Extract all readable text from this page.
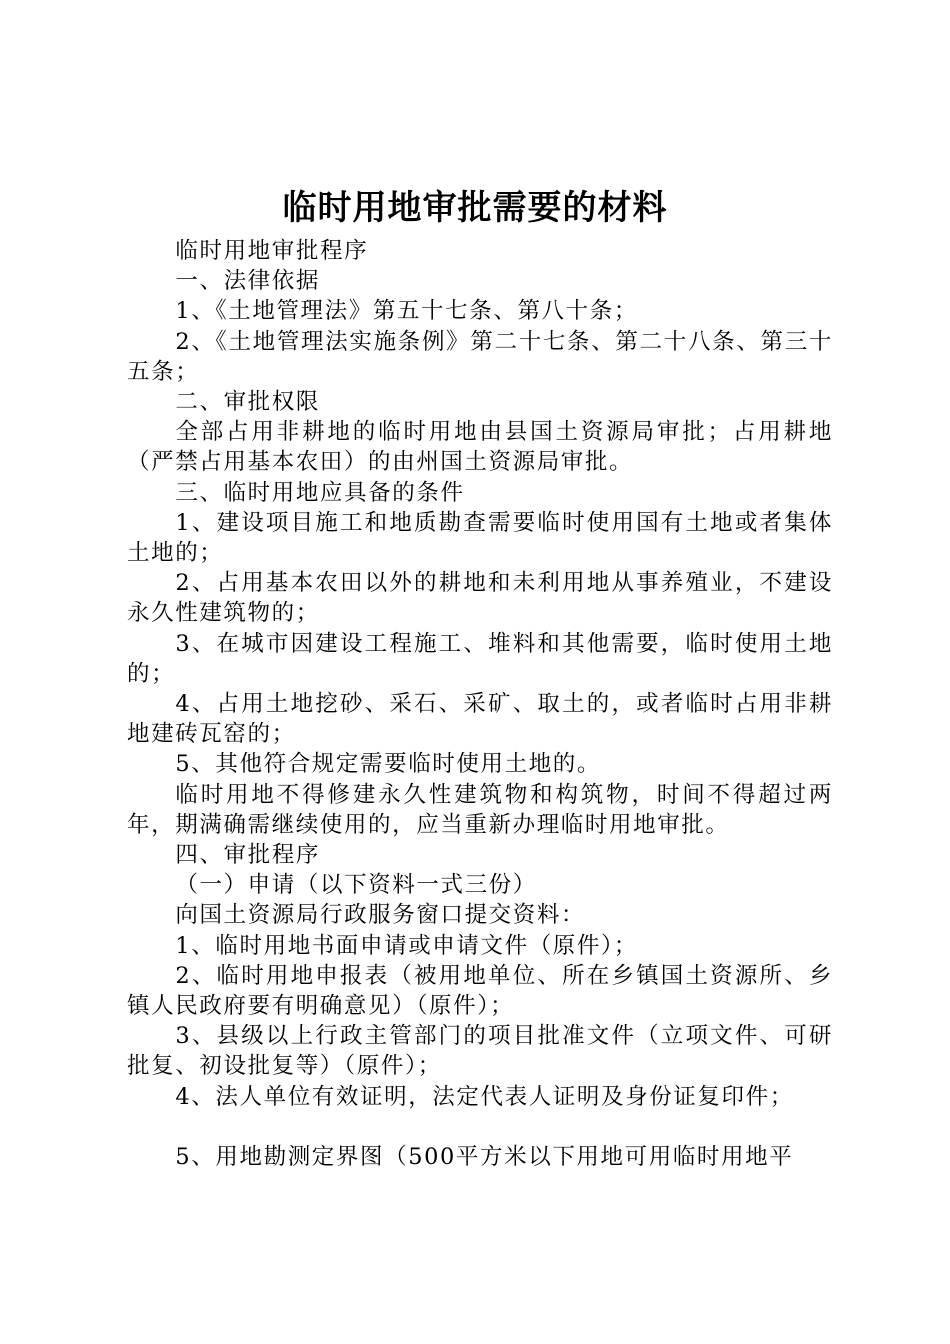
临时用地审批需要的材料

临时用地审批程序

一、法律依据

1、《土地管理法》第五十七条、第八十条；

2、《土地管理法实施条例》第二十七条、第二十八条、第三十五条；

二、审批权限

全部占用非耕地的临时用地由县国土资源局审批；占用耕地（严禁占用基本农田）的由州国土资源局审批。

三、临时用地应具备的条件

1、建设项目施工和地质勘查需要临时使用国有土地或者集体土地的；

2、占用基本农田以外的耕地和未利用地从事养殖业，不建设永久性建筑物的；

3、在城市因建设工程施工、堆料和其他需要，临时使用土地的；

4、占用土地挖砂、采石、采矿、取土的，或者临时占用非耕地建砖瓦窑的；

5、其他符合规定需要临时使用土地的。

临时用地不得修建永久性建筑物和构筑物，时间不得超过两年，期满确需继续使用的，应当重新办理临时用地审批。

四、审批程序

（一）申请（以下资料一式三份）

向国土资源局行政服务窗口提交资料：

1、临时用地书面申请或申请文件（原件）；

2、临时用地申报表（被用地单位、所在乡镇国土资源所、乡镇人民政府要有明确意见）（原件）；

3、县级以上行政主管部门的项目批准文件（立项文件、可研批复、初设批复等）（原件）；

4、法人单位有效证明，法定代表人证明及身份证复印件；

5、用地勘测定界图（500平方米以下用地可用临时用地平
